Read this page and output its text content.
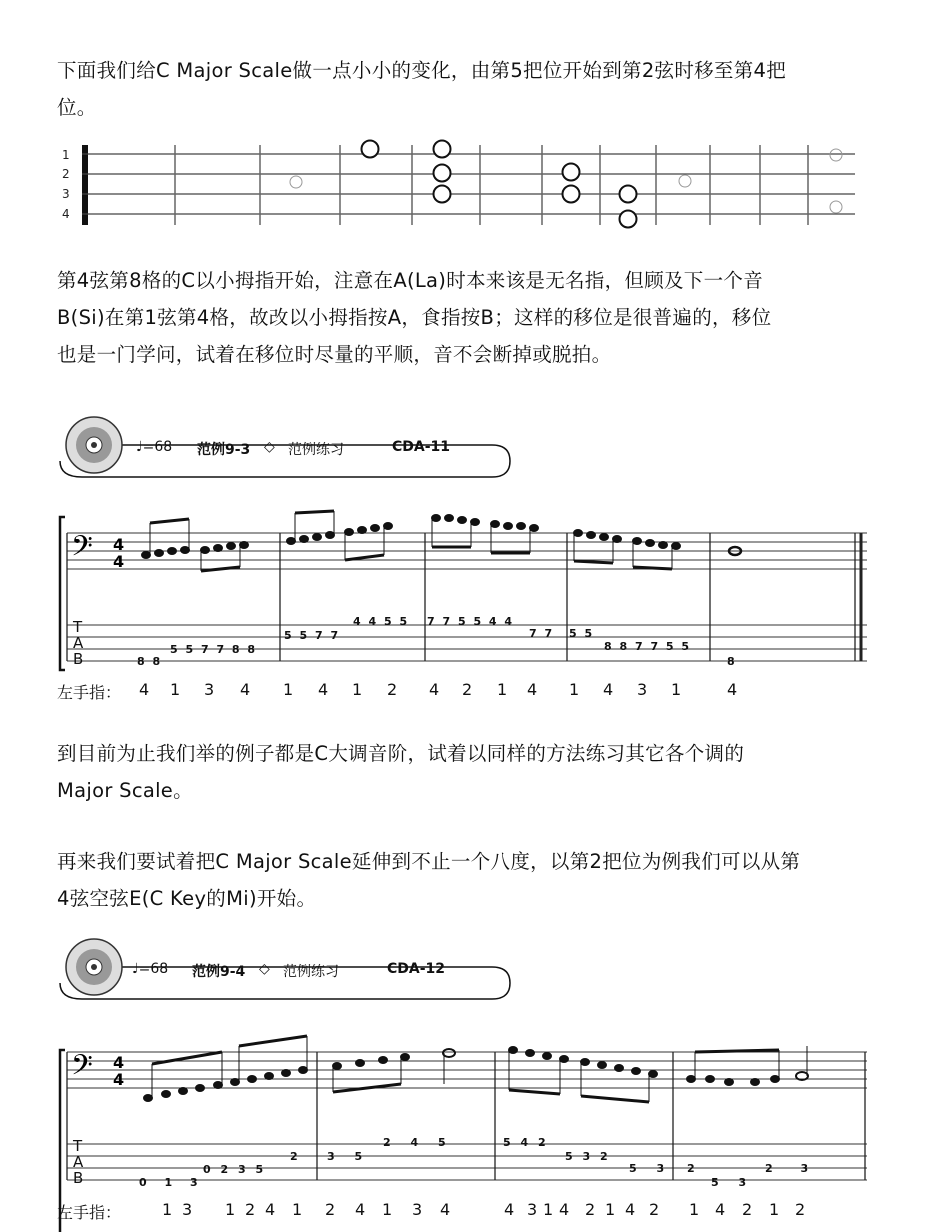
下面我们给C Major Scale做一点小小的变化，由第5把位开始到第2弦时移至第4把
位。
1
2
3
4
第4弦第8格的C以小拇指开始，注意在A(La)时本来该是无名指，但顾及下一个音
B(Si)在第1弦第4格，故改以小拇指按A，食指按B；这样的移位是很普遍的，移位
也是一门学问，试着在移位时尽量的平顺，音不会断掉或脱拍。
♩=68 范例9-3 ◇ 范例练习	CDA-11
𝄢 4
4
T
A
B	8 8
5 5 7 7 8 8
5 5 7 7
4 4 5 5 7 7 5 5 4 4
7 7 5 5
8 8 7 7 5 5
8
左手指： 4 1 3 4 1 4 1 2 4 2 1 4 1 4 3 1	4
到目前为止我们举的例子都是C大调音阶，试着以同样的方法练习其它各个调的
Major Scale。
再来我们要试着把C Major Scale延伸到不止一个八度，以第2把位为例我们可以从第
4弦空弦E(C Key的Mi)开始。
♩=68 范例9-4 ◇ 范例练习	CDA-12
𝄢 4
4
T
A
B	0 1 3
0 2 3 5
2 3 5
2 4 5	5 4 2
5 3 2
5 3 2
5 3
2 3
左手指：	1 3 1 2 4 1 2 4 1 3 4	4 3 1 4 2 1 4 2 1 4 2 1 2
